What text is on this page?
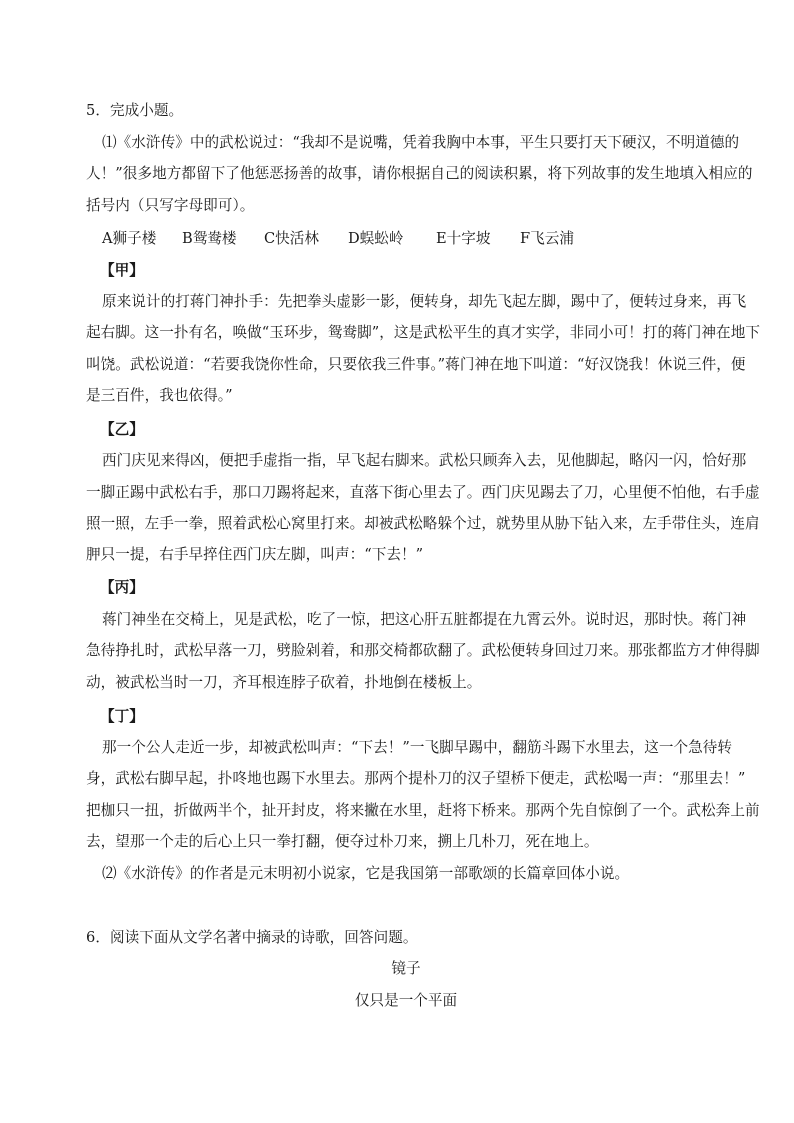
5．完成小题。
⑴《水浒传》中的武松说过：“我却不是说嘴，凭着我胸中本事，平生只要打天下硬汉，不明道德的
人！”很多地方都留下了他惩恶扬善的故事，请你根据自己的阅读积累，将下列故事的发生地填入相应的
括号内（只写字母即可）。
A狮子楼 B鸳鸯楼 C快活林 D蜈蚣岭 E十字坡 F飞云浦
【甲】
原来说计的打蒋门神扑手：先把拳头虚影一影，便转身，却先飞起左脚，踢中了，便转过身来，再飞
起右脚。这一扑有名，唤做“玉环步，鸳鸯脚”，这是武松平生的真才实学，非同小可！打的蒋门神在地下
叫饶。武松说道：“若要我饶你性命，只要依我三件事。”蒋门神在地下叫道：“好汉饶我！休说三件，便
是三百件，我也依得。”
【乙】
西门庆见来得凶，便把手虚指一指，早飞起右脚来。武松只顾奔入去，见他脚起，略闪一闪，恰好那
一脚正踢中武松右手，那口刀踢将起来，直落下街心里去了。西门庆见踢去了刀，心里便不怕他，右手虚
照一照，左手一拳，照着武松心窝里打来。却被武松略躲个过，就势里从胁下钻入来，左手带住头，连肩
胛只一提，右手早捽住西门庆左脚，叫声：“下去！”
【丙】
蒋门神坐在交椅上，见是武松，吃了一惊，把这心肝五脏都提在九霄云外。说时迟，那时快。蒋门神
急待挣扎时，武松早落一刀，劈脸剁着，和那交椅都砍翻了。武松便转身回过刀来。那张都监方才伸得脚
动，被武松当时一刀，齐耳根连脖子砍着，扑地倒在楼板上。
【丁】
那一个公人走近一步，却被武松叫声：“下去！”一飞脚早踢中，翻筋斗踢下水里去，这一个急待转
身，武松右脚早起，扑咚地也踢下水里去。那两个提朴刀的汉子望桥下便走，武松喝一声：“那里去！”
把枷只一扭，折做两半个，扯开封皮，将来撇在水里，赶将下桥来。那两个先自惊倒了一个。武松奔上前
去，望那一个走的后心上只一拳打翻，便夺过朴刀来，搠上几朴刀，死在地上。
⑵《水浒传》的作者是元末明初小说家，它是我国第一部歌颂的长篇章回体小说。
6．阅读下面从文学名著中摘录的诗歌，回答问题。
镜子
仅只是一个平面
